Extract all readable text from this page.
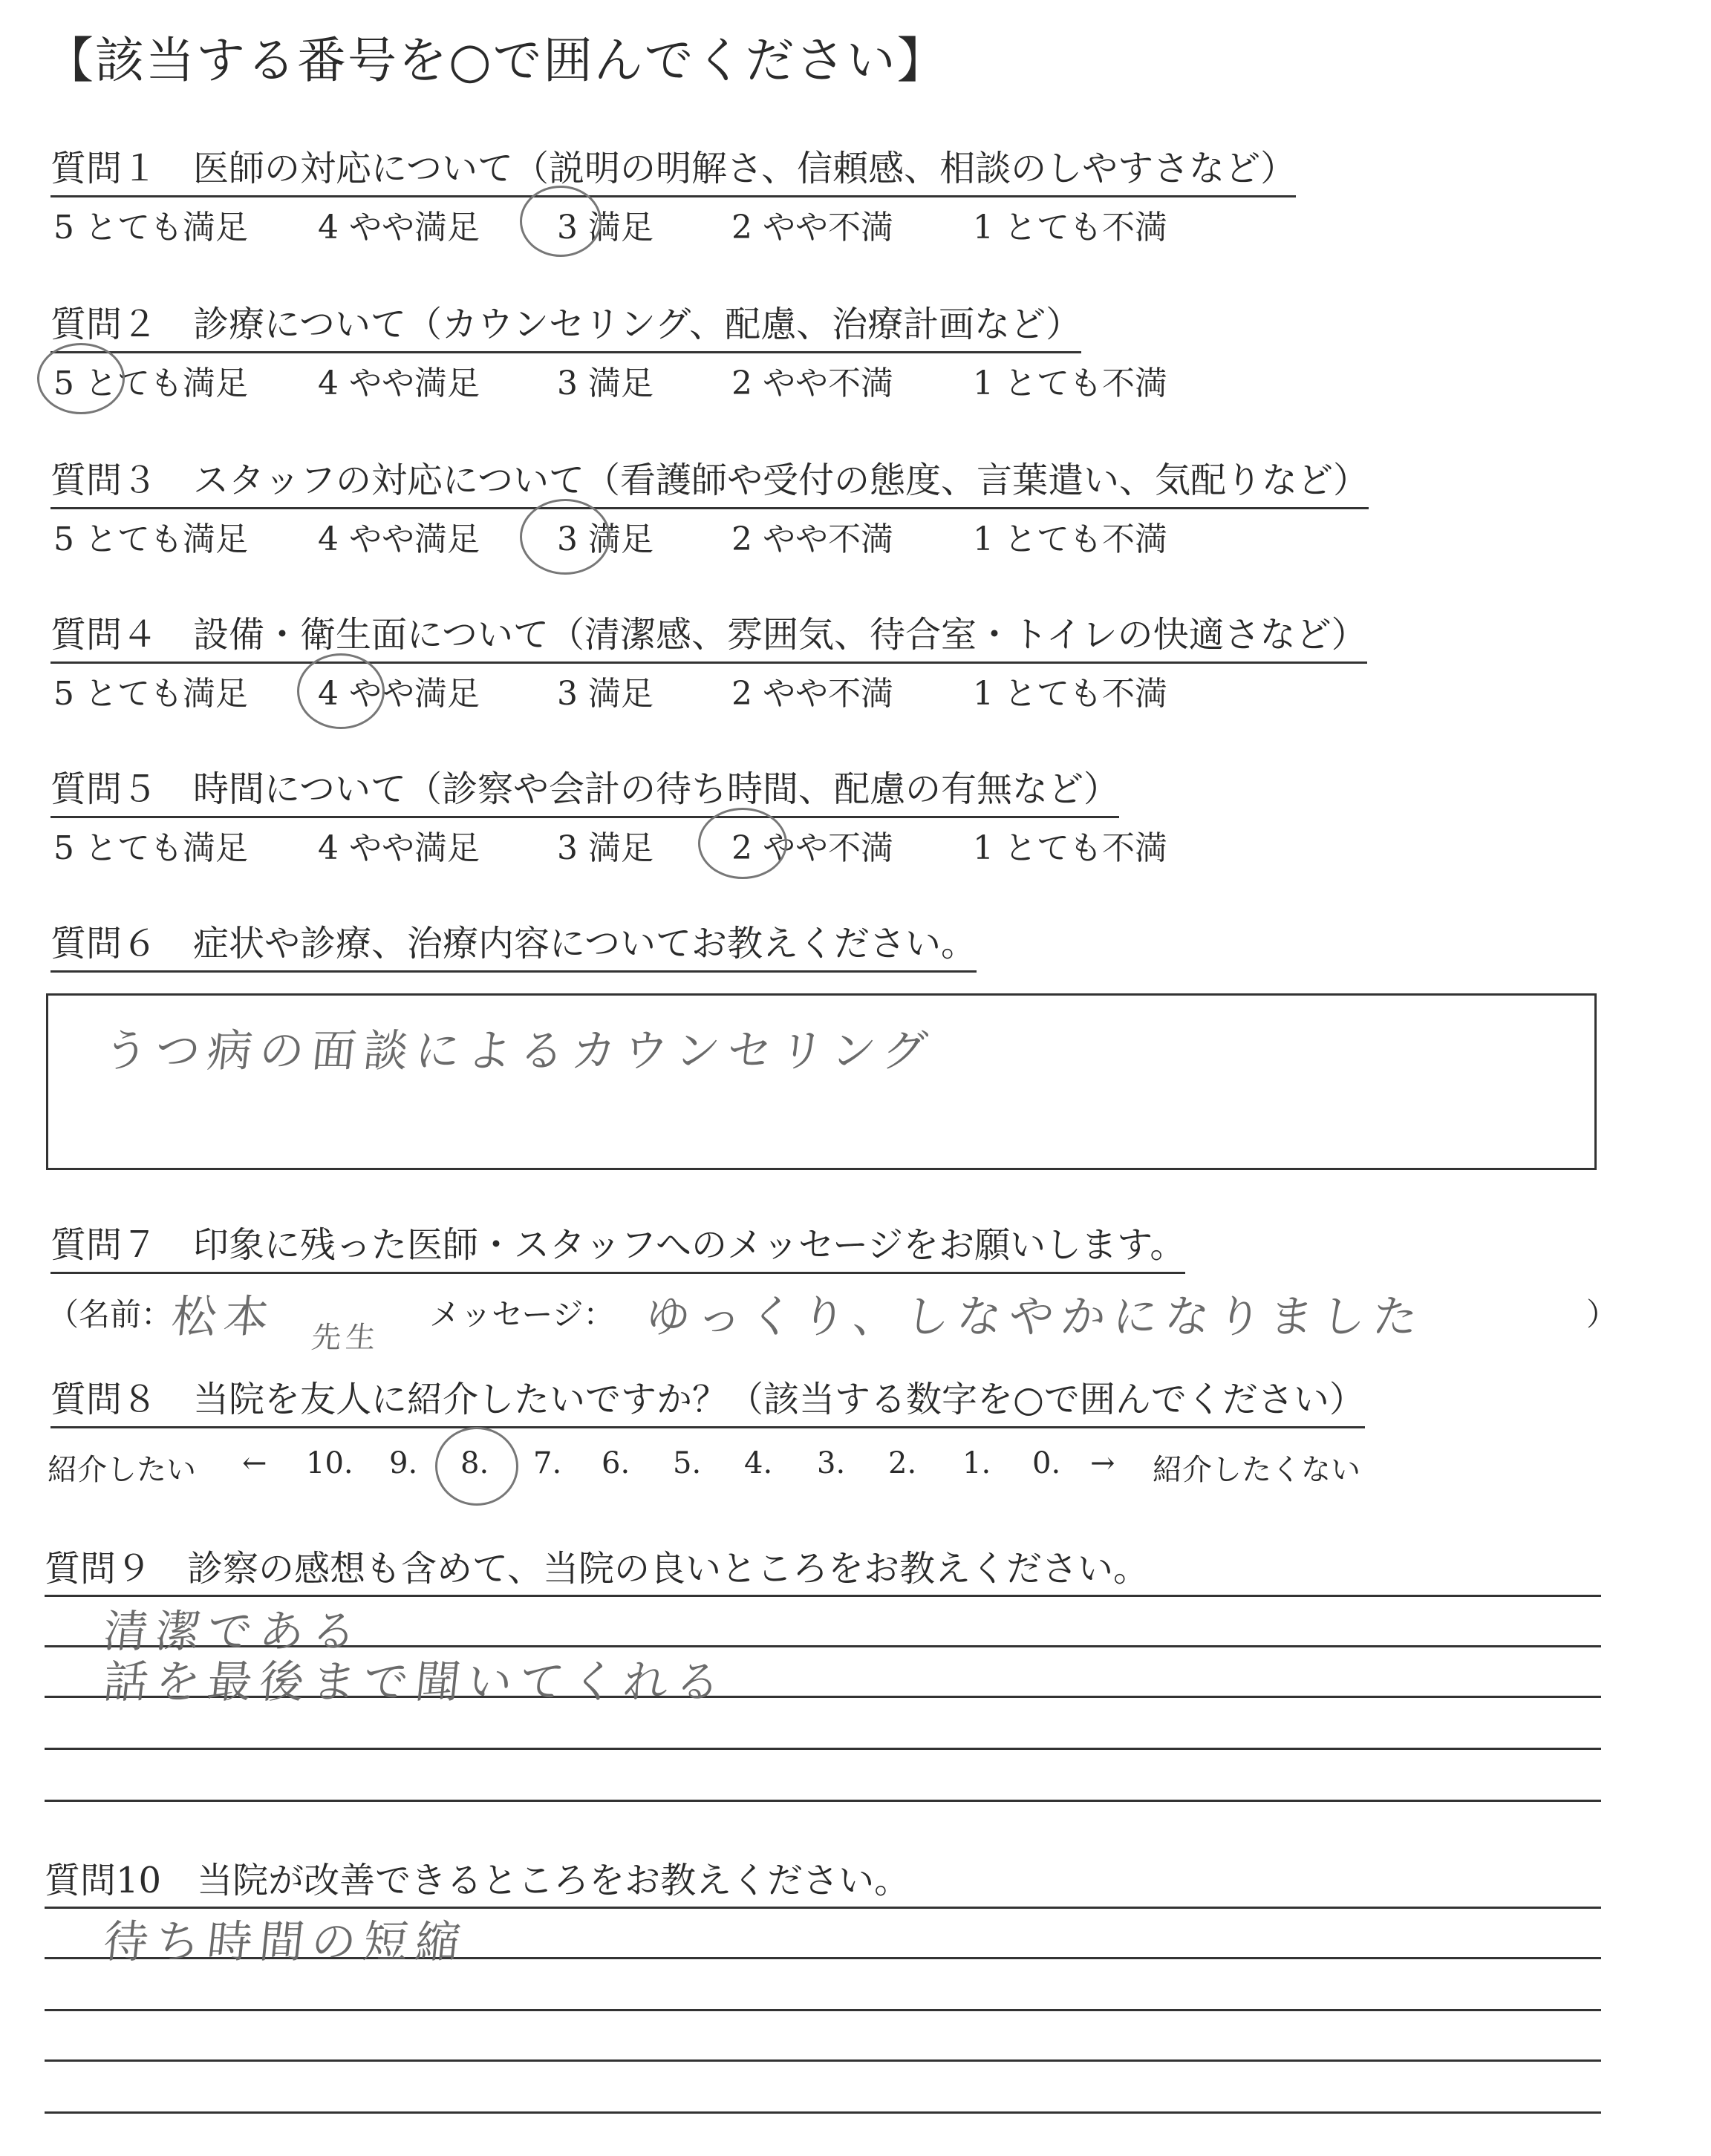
【該当する番号を○で囲んでください】
質問１　医師の対応について（説明の明解さ、信頼感、相談のしやすさなど）
5 とても満足 4 やや満足 3 満足 2 やや不満 1 とても不満
質問２　診療について（カウンセリング、配慮、治療計画など）
5 とても満足 4 やや満足 3 満足 2 やや不満 1 とても不満
質問３　スタッフの対応について（看護師や受付の態度、言葉遣い、気配りなど）
5 とても満足 4 やや満足 3 満足 2 やや不満 1 とても不満
質問４　設備・衛生面について（清潔感、雰囲気、待合室・トイレの快適さなど）
5 とても満足 4 やや満足 3 満足 2 やや不満 1 とても不満
質問５　時間について（診察や会計の待ち時間、配慮の有無など）
5 とても満足 4 やや満足 3 満足 2 やや不満 1 とても不満
質問６　症状や診療、治療内容についてお教えください。
うつ病の面談によるカウンセリング
質問７　印象に残った医師・スタッフへのメッセージをお願いします。
（名前：
松本 先生
メッセージ： ゆっくり、しなやかになりました	）
質問８　当院を友人に紹介したいですか？（該当する数字を○で囲んでください）
紹介したい ← 10. 9. 8. 7. 6. 5. 4. 3. 2. 1. 0. → 紹介したくない
質問９　診察の感想も含めて、当院の良いところをお教えください。
清潔である
話を最後まで聞いてくれる
質問10　当院が改善できるところをお教えください。
待ち時間の短縮
